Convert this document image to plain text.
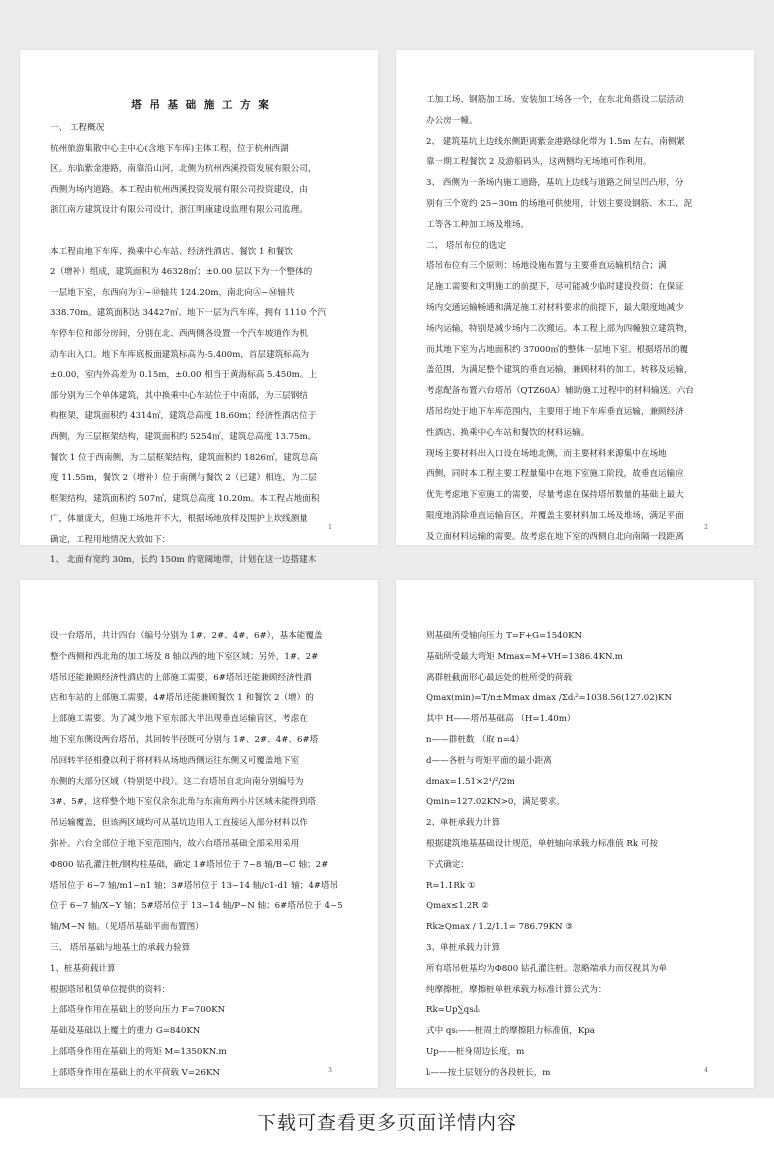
塔 吊 基 础 施 工 方 案
一、 工程概况
杭州旅游集散中心主中心(含地下车库)主体工程，位于杭州西湖
区。东临紫金港路，南靠沿山河，北侧为杭州西溪投资发展有限公司，
西侧为场内道路。本工程由杭州西溪投资发展有限公司投资建设，由
浙江南方建筑设计有限公司设计，浙江明康建设监理有限公司监理。

本工程由地下车库、换乘中心车站、经济性酒店、餐饮 1 和餐饮
2（增补）组成，建筑面积为 46328㎡；±0.00 层以下为一个整体的
一层地下室，东西向为①~⑩轴共 124.20m，南北向Ⓐ~Ⓜ轴共
338.70m。建筑面积达 34427㎡。地下一层为汽车库，拥有 1110 个汽
车停车位和部分房间，分别在北、西两侧各设置一个汽车坡道作为机
动车出入口。地下车库底板面建筑标高为-5.400m，首层建筑标高为
±0.00，室内外高差为 0.15m，±0.00 相当于黄海标高 5.450m。上
部分别为三个单体建筑，其中换乘中心车站位于中南部，为三层钢结
构框架，建筑面积约 4314㎡，建筑总高度 18.60m；经济性酒店位于
西侧，为三层框架结构，建筑面积约 5254㎡，建筑总高度 13.75m。
餐饮 1 位于西南侧，为二层框架结构，建筑面积约 1826㎡，建筑总高
度 11.55m，餐饮 2（增补）位于南侧与餐饮 2（已建）相连，为二层
框架结构，建筑面积约 507㎡，建筑总高度 10.20m。本工程占地面积
广，体量庞大，但施工场地并不大，根据场地放样及围护上坎线测量
确定，工程用地情况大致如下：
1、 北面有宽约 30m，长约 150m 的宽阔地带，计划在这一边搭建木
1
工加工场、钢筋加工场、安装加工场各一个，在东北角搭设二层活动
办公房一幢。
2、 建筑基坑上边线东侧距离紫金港路绿化带为 1.5m 左右，南侧紧
靠一期工程餐饮 2 及游船码头，这两侧均无场地可作利用。
3、 西侧为一条场内施工道路，基坑上边线与道路之间呈凹凸形，分
别有三个宽约 25~30m 的场地可供使用，计划主要设钢筋、木工、泥
工等各工种加工场及堆场。
二、 塔吊布位的选定
塔吊布位有三个原则：场地设施布置与主要垂直运输机结合；满
足施工需要和文明施工的前提下，尽可能减少临时建设投资；在保证
场内交通运输畅通和满足施工对材料要求的前提下，最大限度地减少
场内运输，特别是减少场内二次搬运。本工程上部为四幢独立建筑物，
而其地下室为占地面积约 37000㎡的整体一层地下室。根据塔吊的覆
盖范围，为满足整个建筑的垂直运输，兼顾材料的加工、转移及运输，
考虑配备布置六台塔吊（QTZ60A）辅助施工过程中的材料输送。六台
塔吊均处于地下车库范围内，主要用于地下车库垂直运输，兼顾经济
性酒店、换乘中心车站和餐饮的材料运输。
现场主要材料出入口设在场地北侧，而主要材料来源集中在场地
西侧，同时本工程主要工程量集中在地下室施工阶段，故垂直运输应
优先考虑地下室施工的需要，尽量考虑在保持塔吊数量的基础上最大
限度地消除垂直运输盲区，并覆盖主要材料加工场及堆场，满足平面
及立面材料运输的需要。故考虑在地下室的西侧自北向南隔一段距离
2
设一台塔吊，共计四台（编号分别为 1#、2#、4#、6#），基本能覆盖
整个西侧和西北角的加工场及 8 轴以西的地下室区域；另外，1#、2#
塔吊还能兼顾经济性酒店的上部施工需要，6#塔吊还能兼顾经济性酒
店和车站的上部施工需要，4#塔吊还能兼顾餐饮 1 和餐饮 2（增）的
上部施工需要。为了减少地下室东部大半出现垂直运输盲区，考虑在
地下室东侧设两台塔吊，其回转半径既可分别与 1#、2#、4#、6#塔
吊回转半径相叠以利于将材料从场地西侧运往东侧又可覆盖地下室
东侧的大部分区域（特别是中段）。这二台塔吊自北向南分别编号为
3#、5#，这样整个地下室仅余东北角与东南角两小片区域未能得到塔
吊运输覆盖，但该两区域均可从基坑边用人工直接运入部分材料以作
弥补。六台全部位于地下室范围内，故六台塔吊基础全部采用采用
Φ800 钻孔灌注桩/钢构柱基础，确定 1#塔吊位于 7~8 轴/B~C 轴；2#
塔吊位于 6~7 轴/m1~n1 轴；3#塔吊位于 13~14 轴/c1-d1 轴；4#塔吊
位于 6~7 轴/X~Y 轴；5#塔吊位于 13~14 轴/P~N 轴；6#塔吊位于 4~5
轴/M~N 轴。（见塔吊基础平面布置图）
三、 塔吊基础与地基土的承载力验算
1、桩基荷载计算
根据塔吊租赁单位提供的资料：
上部塔身作用在基础上的竖向压力 F=700KN
基础及基础以上覆土的重力 G=840KN
上部塔身作用在基础上的弯矩 M=1350KN.m
上部塔身作用在基础上的水平荷载 V=26KN	3
则基础所受轴向压力 T=F+G=1540KN
基础所受最大弯矩 Mmax=M+VH=1386.4KN.m
离群桩截面形心最远处的桩所受的荷载
Qmax(min)=T/n±Mmax dmax /Σdᵢ²=1038.56(127.02)KN
其中 H——塔吊基础高 （H=1.40m）
n——群桩数 （取 n=4）
d——各桩与弯矩平面的最小距离
dmax=1.51×2¹/²/2m
Qmin=127.02KN>0，满足要求。
2、单桩承载力计算
根据建筑地基基础设计规范，单桩轴向承载力标准值 Rk 可按
下式确定：
R=1.1Rk ①
Qmax≤1.2R ②
Rk≥Qmax / 1.2/1.1= 786.79KN ③
3、单桩承载力计算
所有塔吊桩基均为Φ800 钻孔灌注桩。忽略端承力而仅视其为单
纯摩擦桩，摩擦桩单桩承载力标准计算公式为：
Rk=Up∑qsᵢlᵢ
式中 qsᵢ——桩周土的摩擦阻力标准值，Kpa
Up——桩身周边长度，m
lᵢ——按土层划分的各段桩长，m	4
下载可查看更多页面详情内容
